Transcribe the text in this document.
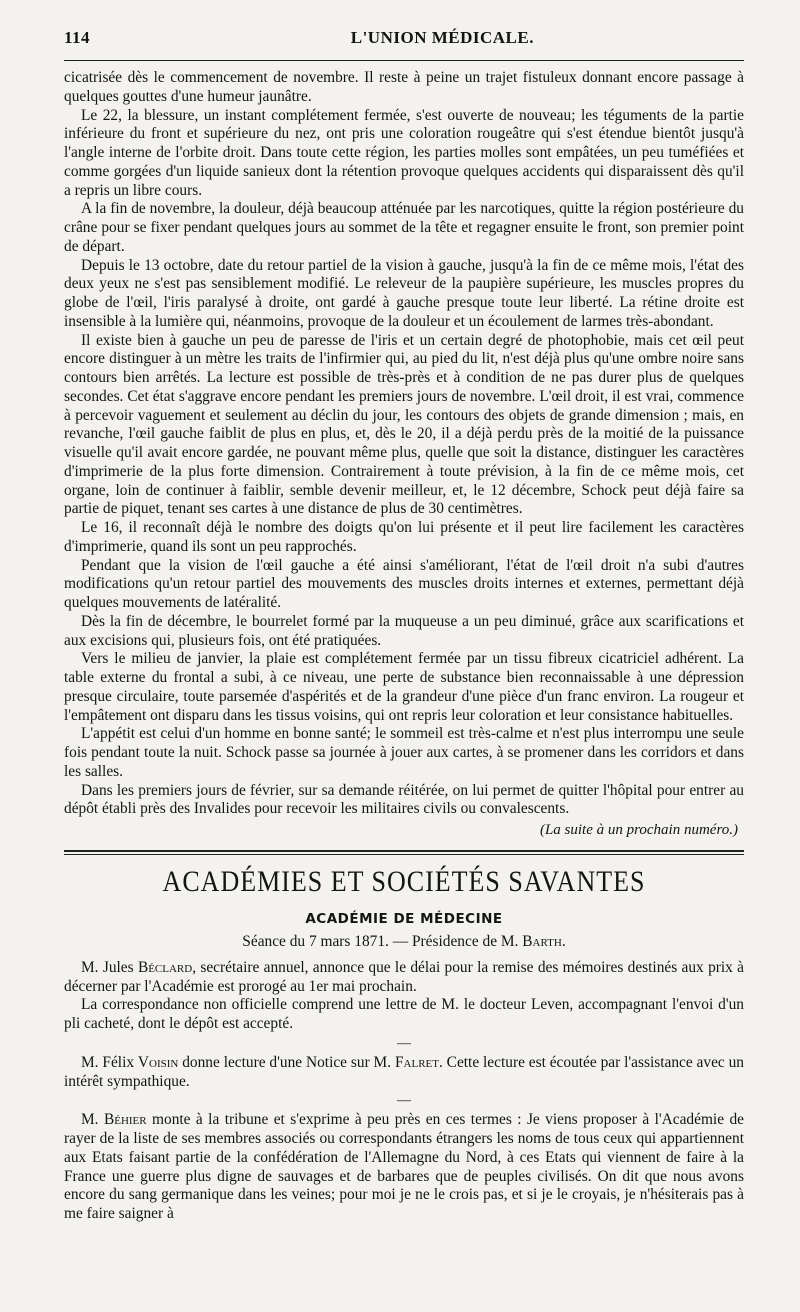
114	L'UNION MÉDICALE.

cicatrisée dès le commencement de novembre. Il reste à peine un trajet fistuleux donnant encore passage à quelques gouttes d'une humeur jaunâtre.

Le 22, la blessure, un instant complétement fermée, s'est ouverte de nouveau; les téguments de la partie inférieure du front et supérieure du nez, ont pris une coloration rougeâtre qui s'est étendue bientôt jusqu'à l'angle interne de l'orbite droit. Dans toute cette région, les parties molles sont empâtées, un peu tuméfiées et comme gorgées d'un liquide sanieux dont la rétention provoque quelques accidents qui disparaissent dès qu'il a repris un libre cours.

A la fin de novembre, la douleur, déjà beaucoup atténuée par les narcotiques, quitte la région postérieure du crâne pour se fixer pendant quelques jours au sommet de la tête et regagner ensuite le front, son premier point de départ.

Depuis le 13 octobre, date du retour partiel de la vision à gauche, jusqu'à la fin de ce même mois, l'état des deux yeux ne s'est pas sensiblement modifié. Le releveur de la paupière supérieure, les muscles propres du globe de l'œil, l'iris paralysé à droite, ont gardé à gauche presque toute leur liberté. La rétine droite est insensible à la lumière qui, néanmoins, provoque de la douleur et un écoulement de larmes très-abondant.

Il existe bien à gauche un peu de paresse de l'iris et un certain degré de photophobie, mais cet œil peut encore distinguer à un mètre les traits de l'infirmier qui, au pied du lit, n'est déjà plus qu'une ombre noire sans contours bien arrêtés. La lecture est possible de très-près et à condition de ne pas durer plus de quelques secondes. Cet état s'aggrave encore pendant les premiers jours de novembre. L'œil droit, il est vrai, commence à percevoir vaguement et seulement au déclin du jour, les contours des objets de grande dimension ; mais, en revanche, l'œil gauche faiblit de plus en plus, et, dès le 20, il a déjà perdu près de la moitié de la puissance visuelle qu'il avait encore gardée, ne pouvant même plus, quelle que soit la distance, distinguer les caractères d'imprimerie de la plus forte dimension. Contrairement à toute prévision, à la fin de ce même mois, cet organe, loin de continuer à faiblir, semble devenir meilleur, et, le 12 décembre, Schock peut déjà faire sa partie de piquet, tenant ses cartes à une distance de plus de 30 centimètres.

Le 16, il reconnaît déjà le nombre des doigts qu'on lui présente et il peut lire facilement les caractères d'imprimerie, quand ils sont un peu rapprochés.

Pendant que la vision de l'œil gauche a été ainsi s'améliorant, l'état de l'œil droit n'a subi d'autres modifications qu'un retour partiel des mouvements des muscles droits internes et externes, permettant déjà quelques mouvements de latéralité.

Dès la fin de décembre, le bourrelet formé par la muqueuse a un peu diminué, grâce aux scarifications et aux excisions qui, plusieurs fois, ont été pratiquées.

Vers le milieu de janvier, la plaie est complétement fermée par un tissu fibreux cicatriciel adhérent. La table externe du frontal a subi, à ce niveau, une perte de substance bien reconnaissable à une dépression presque circulaire, toute parsemée d'aspérités et de la grandeur d'une pièce d'un franc environ. La rougeur et l'empâtement ont disparu dans les tissus voisins, qui ont repris leur coloration et leur consistance habituelles.

L'appétit est celui d'un homme en bonne santé; le sommeil est très-calme et n'est plus interrompu une seule fois pendant toute la nuit. Schock passe sa journée à jouer aux cartes, à se promener dans les corridors et dans les salles.

Dans les premiers jours de février, sur sa demande réitérée, on lui permet de quitter l'hôpital pour entrer au dépôt établi près des Invalides pour recevoir les militaires civils ou convalescents.

(La suite à un prochain numéro.)
ACADÉMIES ET SOCIÉTÉS SAVANTES
ACADÉMIE DE MÉDECINE
Séance du 7 mars 1871. — Présidence de M. Barth.

M. Jules Béclard, secrétaire annuel, annonce que le délai pour la remise des mémoires destinés aux prix à décerner par l'Académie est prorogé au 1er mai prochain.

La correspondance non officielle comprend une lettre de M. le docteur Leven, accompagnant l'envoi d'un pli cacheté, dont le dépôt est accepté.

—

M. Félix Voisin donne lecture d'une Notice sur M. Falret. Cette lecture est écoutée par l'assistance avec un intérêt sympathique.

—

M. Béhier monte à la tribune et s'exprime à peu près en ces termes : Je viens proposer à l'Académie de rayer de la liste de ses membres associés ou correspondants étrangers les noms de tous ceux qui appartiennent aux Etats faisant partie de la confédération de l'Allemagne du Nord, à ces Etats qui viennent de faire à la France une guerre plus digne de sauvages et de barbares que de peuples civilisés. On dit que nous avons encore du sang germanique dans les veines; pour moi je ne le crois pas, et si je le croyais, je n'hésiterais pas à me faire saigner à
